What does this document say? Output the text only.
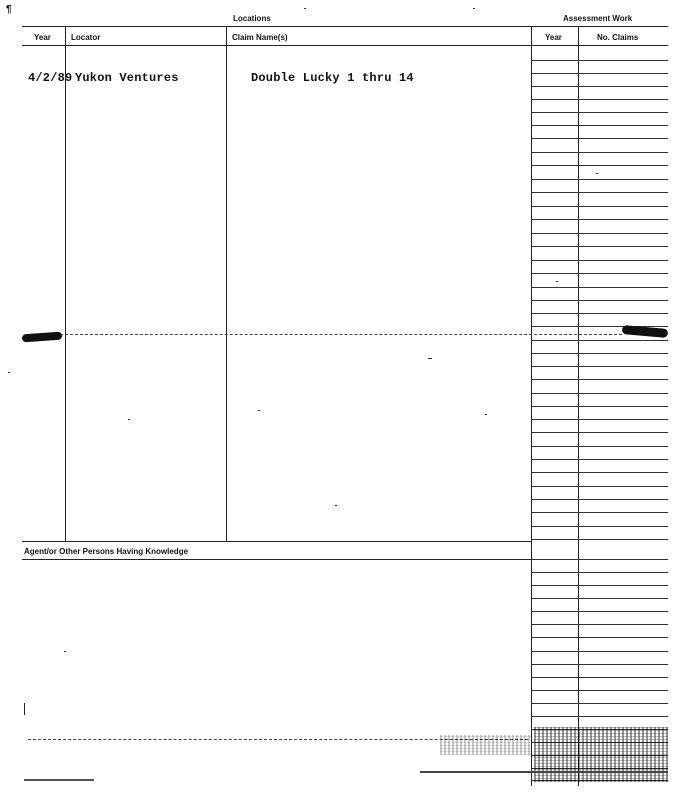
¶
Locations	Assessment Work
Year	Locator	Claim Name(s)	Year	No. Claims
4/2/89 Yukon Ventures	Double Lucky 1 thru 14
Agent/or Other Persons Having Knowledge
